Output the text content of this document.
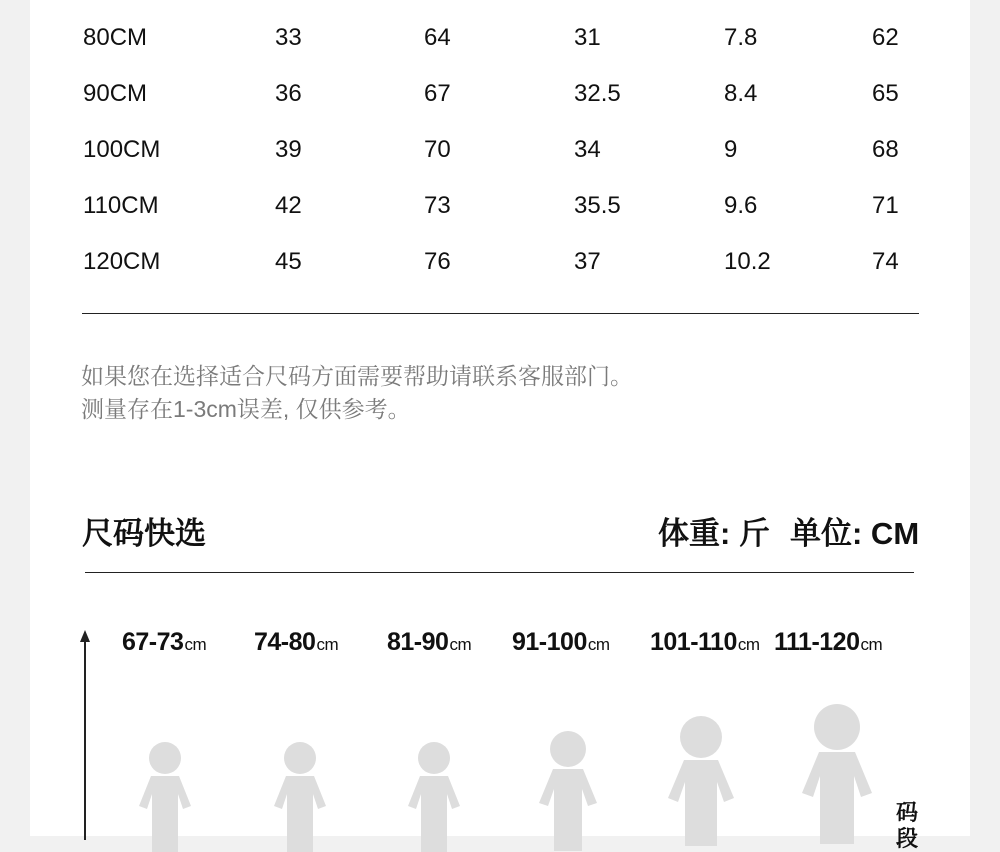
80CM	33	64	31	7.8	62
90CM	36	67	32.5	8.4	65
100CM	39	70	34	9	68
110CM	42	73	35.5	9.6	71
120CM	45	76	37	10.2	74
如果您在选择适合尺码方面需要帮助请联系客服部门。
测量存在1-3cm误差, 仅供参考。
尺码快选	体重: 斤 单位: CM
67-73cm 74-80cm 81-90cm 91-100cm 101-110cm 111-120cm
码段
